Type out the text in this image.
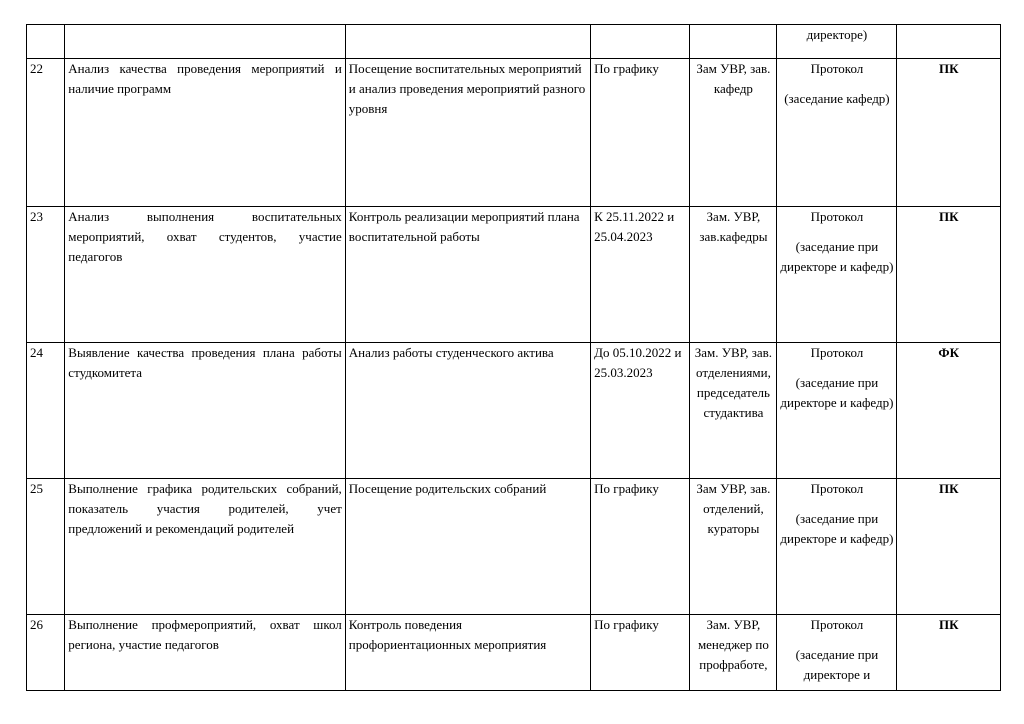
					директоре)	
22	Анализ качества проведения мероприятий и наличие программ	Посещение воспитательных мероприятий и анализ проведения мероприятий разного уровня	По графику	Зам УВР, зав. кафедр	Протокол
(заседание кафедр)	ПК
23	Анализ выполнения воспитательных мероприятий, охват студентов, участие педагогов	Контроль реализации мероприятий плана воспитательной работы	К 25.11.2022 и 25.04.2023	Зам. УВР, зав.кафедры	Протокол
(заседание при директоре и кафедр)	ПК
24	Выявление качества проведения плана работы студкомитета	Анализ работы студенческого актива	До 05.10.2022 и 25.03.2023	Зам. УВР, зав. отделениями, председатель студактива	Протокол
(заседание при директоре и кафедр)	ФК
25	Выполнение графика родительских собраний, показатель участия родителей, учет предложений и рекомендаций родителей	Посещение родительских собраний	По графику	Зам УВР, зав. отделений, кураторы	Протокол
(заседание при директоре и кафедр)	ПК
26	Выполнение профмероприятий, охват школ региона, участие педагогов	Контроль поведения профориентационных мероприятия	По графику	Зам. УВР, менеджер по профработе,	Протокол
(заседание при директоре и	ПК
